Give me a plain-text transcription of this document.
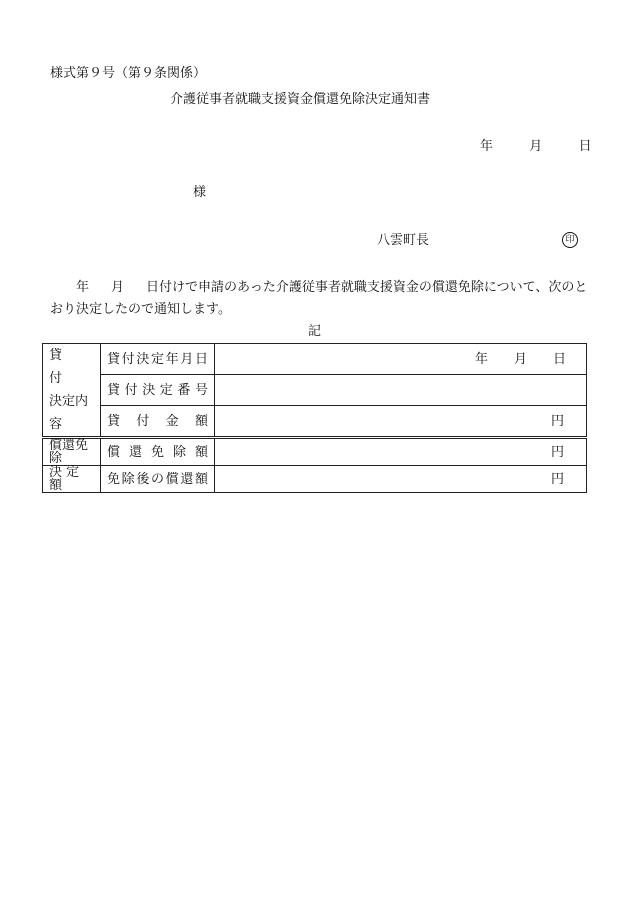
様式第９号（第９条関係）
介護従事者就職支援資金償還免除決定通知書
年	月	日
様
八雲町長	印
年 月 日付けで申請のあった介護従事者就職支援資金の償還免除について、次のとおり決定したので通知します。
記
貸　　付
決定内容	貸付決定年月日	年　　月　　日
	貸付決定番号	
	貸付金額	円
償還免除	償還免除額	円
決 定 額	免除後の償還額	円
